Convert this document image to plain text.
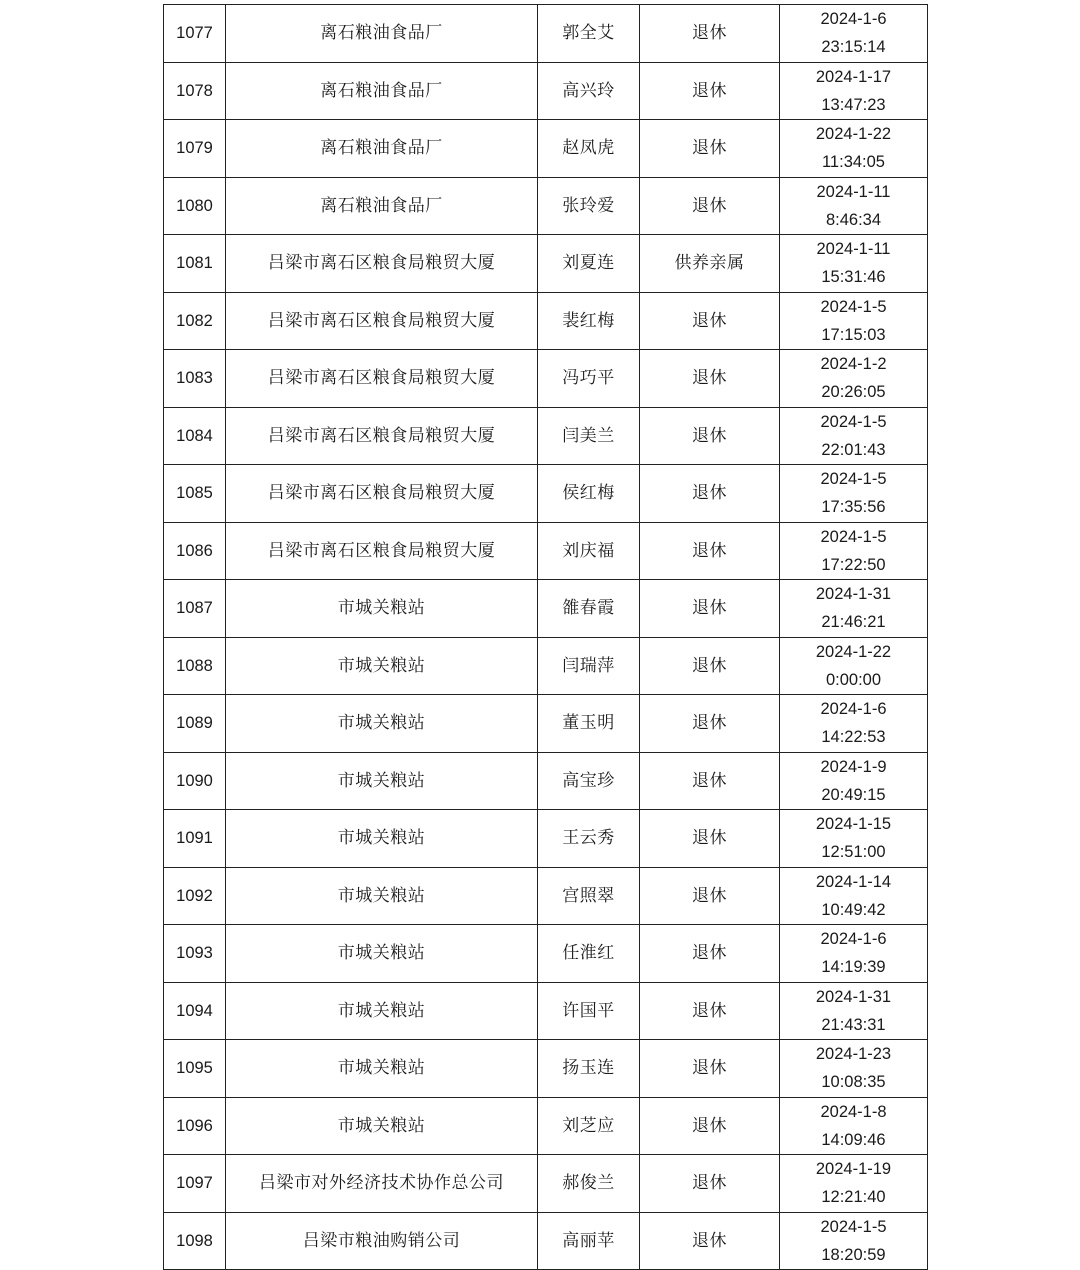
1077	离石粮油食品厂	郭全艾	退休	2024-1-6
23:15:14

1078	离石粮油食品厂	高兴玲	退休	2024-1-17
13:47:23

1079	离石粮油食品厂	赵凤虎	退休	2024-1-22
11:34:05

1080	离石粮油食品厂	张玲爱	退休	2024-1-11
8:46:34

1081	吕梁市离石区粮食局粮贸大厦	刘夏连	供养亲属	2024-1-11
15:31:46

1082	吕梁市离石区粮食局粮贸大厦	裴红梅	退休	2024-1-5
17:15:03

1083	吕梁市离石区粮食局粮贸大厦	冯巧平	退休	2024-1-2
20:26:05

1084	吕梁市离石区粮食局粮贸大厦	闫美兰	退休	2024-1-5
22:01:43

1085	吕梁市离石区粮食局粮贸大厦	侯红梅	退休	2024-1-5
17:35:56

1086	吕梁市离石区粮食局粮贸大厦	刘庆福	退休	2024-1-5
17:22:50

1087	市城关粮站	雒春霞	退休	2024-1-31
21:46:21

1088	市城关粮站	闫瑞萍	退休	2024-1-22
0:00:00

1089	市城关粮站	董玉明	退休	2024-1-6
14:22:53

1090	市城关粮站	高宝珍	退休	2024-1-9
20:49:15

1091	市城关粮站	王云秀	退休	2024-1-15
12:51:00

1092	市城关粮站	宫照翠	退休	2024-1-14
10:49:42

1093	市城关粮站	任淮红	退休	2024-1-6
14:19:39

1094	市城关粮站	许国平	退休	2024-1-31
21:43:31

1095	市城关粮站	扬玉连	退休	2024-1-23
10:08:35

1096	市城关粮站	刘芝应	退休	2024-1-8
14:09:46

1097	吕梁市对外经济技术协作总公司	郝俊兰	退休	2024-1-19
12:21:40

1098	吕梁市粮油购销公司	高丽苹	退休	2024-1-5
18:20:59
